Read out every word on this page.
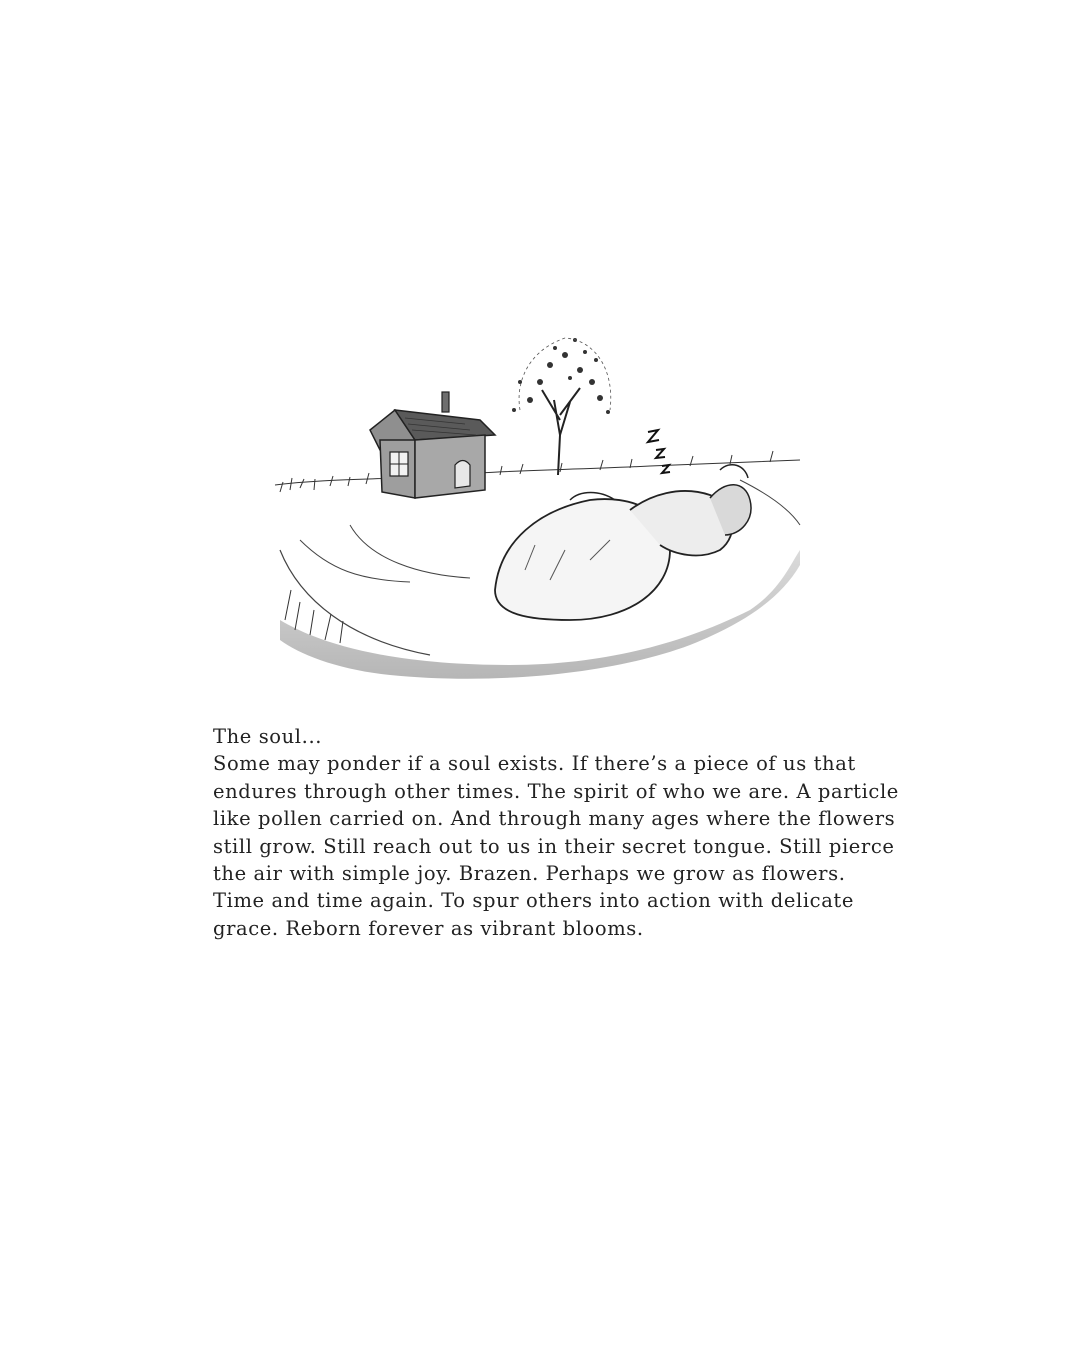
The soul...
Some may ponder if a soul exists. If there’s a piece of us that
endures through other times. The spirit of who we are. A particle
like pollen carried on. And through many ages where the flowers
still grow. Still reach out to us in their secret tongue. Still pierce
the air with simple joy. Brazen. Perhaps we grow as flowers.
Time and time again. To spur others into action with delicate
grace. Reborn forever as vibrant blooms.
